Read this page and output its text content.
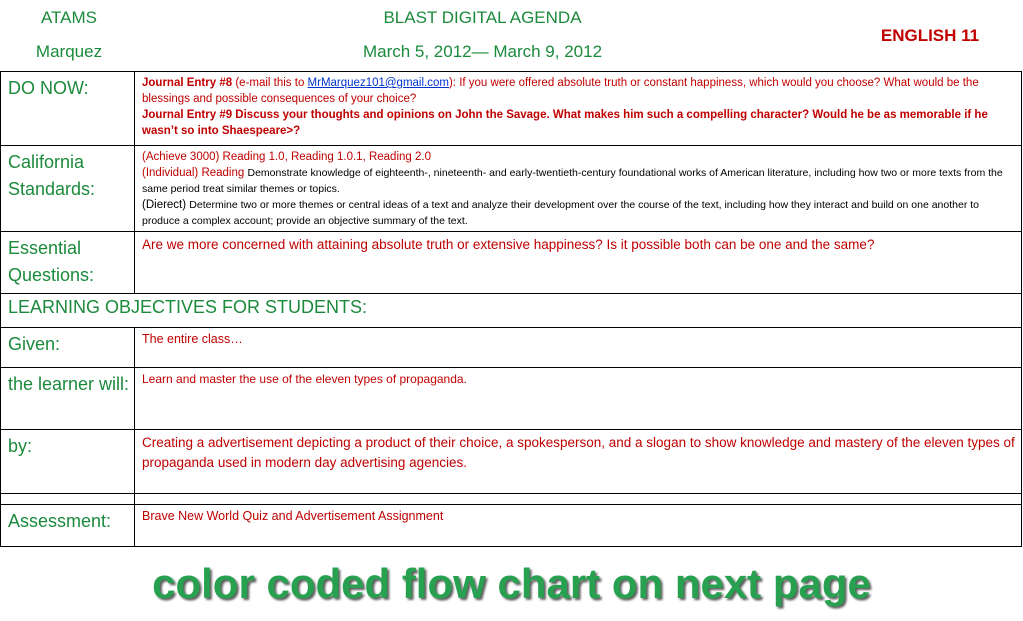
ATAMS
Marquez
BLAST DIGITAL AGENDA
March 5, 2012— March 9, 2012
ENGLISH 11
DO NOW:	Journal Entry #8 (e-mail this to MrMarquez101@gmail.com): If you were offered absolute truth or constant happiness, which would you choose? What would be the blessings and possible consequences of your choice?
Journal Entry #9 Discuss your thoughts and opinions on John the Savage. What makes him such a compelling character? Would he be as memorable if he wasn’t so into Shaespeare>?
California Standards:	(Achieve 3000) Reading 1.0, Reading 1.0.1, Reading 2.0
(Individual) Reading Demonstrate knowledge of eighteenth-, nineteenth- and early-twentieth-century foundational works of American literature, including how two or more texts from the same period treat similar themes or topics.
(Dierect) Determine two or more themes or central ideas of a text and analyze their development over the course of the text, including how they interact and build on one another to produce a complex account; provide an objective summary of the text.
Essential Questions:	Are we more concerned with attaining absolute truth or extensive happiness? Is it possible both can be one and the same?
LEARNING OBJECTIVES FOR STUDENTS:	
Given:	The entire class…
the learner will:	Learn and master the use of the eleven types of propaganda.
by:	Creating a advertisement depicting a product of their choice, a spokesperson, and a slogan to show knowledge and mastery of the eleven types of propaganda used in modern day advertising agencies.

Assessment:	Brave New World Quiz and Advertisement Assignment
color coded flow chart on next page
